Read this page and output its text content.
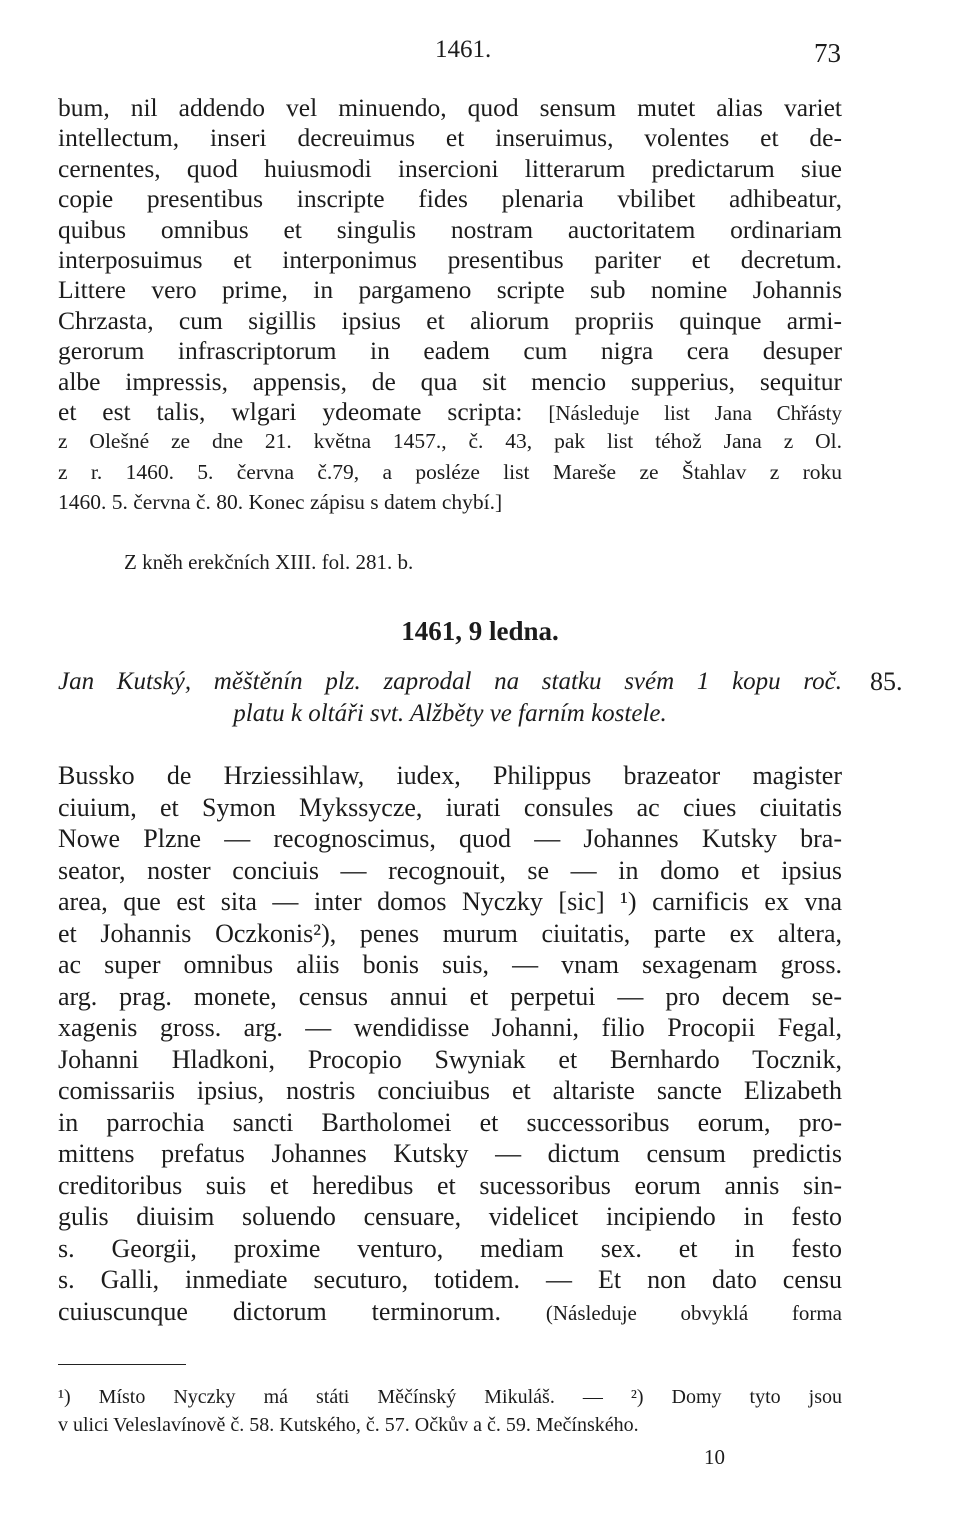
1461.	73
bum, nil addendo vel minuendo, quod sensum mutet alias variet
intellectum, inseri decreuimus et inseruimus, volentes et de-
cernentes, quod huiusmodi insercioni litterarum predictarum siue
copie presentibus inscripte fides plenaria vbilibet adhibeatur,
quibus omnibus et singulis nostram auctoritatem ordinariam
interposuimus et interponimus presentibus pariter et decretum.
Littere vero prime, in pargameno scripte sub nomine Johannis
Chrzasta, cum sigillis ipsius et aliorum propriis quinque armi-
gerorum infrascriptorum in eadem cum nigra cera desuper
albe impressis, appensis, de qua sit mencio supperius, sequitur
et est talis, wlgari ydeomate scripta: [Následuje list Jana Chřásty
z Olešné ze dne 21. května 1457., č. 43, pak list téhož Jana z Ol.
z r. 1460. 5. června č.79, a posléze list Mareše ze Štahlav z roku
1460. 5. června č. 80. Konec zápisu s datem chybí.]
Z kněh erekčních XIII. fol. 281. b.
1461, 9 ledna.
Jan Kutský, měštěnín plz. zaprodal na statku svém 1 kopu roč.
platu k oltáři svt. Alžběty ve farním kostele.
85.
Bussko de Hrziessihlaw, iudex, Philippus brazeator magister
ciuium, et Symon Mykssycze, iurati consules ac ciues ciuitatis
Nowe Plzne — recognoscimus, quod — Johannes Kutsky bra-
seator, noster conciuis — recognouit, se — in domo et ipsius
area, que est sita — inter domos Nyczky [sic] ¹) carnificis ex vna
et Johannis Oczkonis²), penes murum ciuitatis, parte ex altera,
ac super omnibus aliis bonis suis, — vnam sexagenam gross.
arg. prag. monete, census annui et perpetui — pro decem se-
xagenis gross. arg. — wendidisse Johanni, filio Procopii Fegal,
Johanni Hladkoni, Procopio Swyniak et Bernhardo Tocznik,
comissariis ipsius, nostris conciuibus et altariste sancte Elizabeth
in parrochia sancti Bartholomei et successoribus eorum, pro-
mittens prefatus Johannes Kutsky — dictum censum predictis
creditoribus suis et heredibus et sucessoribus eorum annis sin-
gulis diuisim soluendo censuare, videlicet incipiendo in festo
s. Georgii, proxime venturo, mediam sex. et in festo
s. Galli, inmediate secuturo, totidem. — Et non dato censu
cuiuscunque dictorum terminorum. (Následuje obvyklá forma
¹) Místo Nyczky má státi Měčínský Mikuláš. — ²) Domy tyto jsou
v ulici Veleslavínově č. 58. Kutského, č. 57. Očkův a č. 59. Mečínského.
10
